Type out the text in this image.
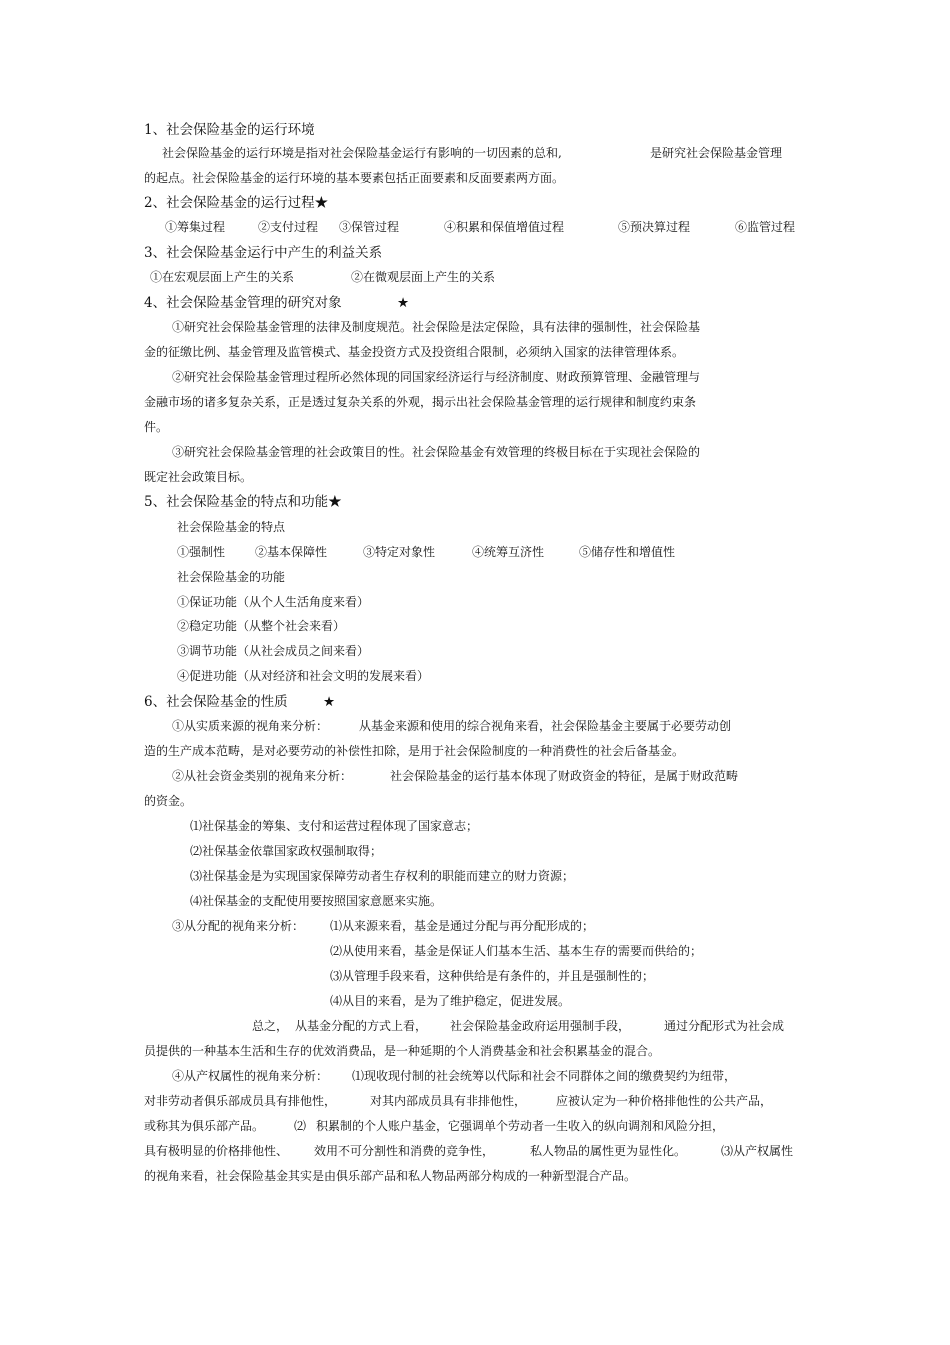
1、社会保险基金的运行环境
社会保险基金的运行环境是指对社会保险基金运行有影响的一切因素的总和,	是研究社会保险基金管理
的起点。社会保险基金的运行环境的基本要素包括正面要素和反面要素两方面。
2、社会保险基金的运行过程★
①筹集过程	②支付过程 ③保管过程	④积累和保值增值过程	⑤预决算过程	⑥监管过程
3、社会保险基金运行中产生的利益关系
①在宏观层面上产生的关系	②在微观层面上产生的关系
4、社会保险基金管理的研究对象	★
①研究社会保险基金管理的法律及制度规范。社会保险是法定保险，具有法律的强制性，社会保险基
金的征缴比例、基金管理及监管模式、基金投资方式及投资组合限制，必须纳入国家的法律管理体系。
②研究社会保险基金管理过程所必然体现的同国家经济运行与经济制度、财政预算管理、金融管理与
金融市场的诸多复杂关系，正是透过复杂关系的外观，揭示出社会保险基金管理的运行规律和制度约束条
件。
③研究社会保险基金管理的社会政策目的性。社会保险基金有效管理的终极目标在于实现社会保险的
既定社会政策目标。
5、社会保险基金的特点和功能★
社会保险基金的特点
①强制性 ②基本保障性	③特定对象性	④统筹互济性	⑤储存性和增值性
社会保险基金的功能
①保证功能（从个人生活角度来看）
②稳定功能（从整个社会来看）
③调节功能（从社会成员之间来看）
④促进功能（从对经济和社会文明的发展来看）
6、社会保险基金的性质	★
①从实质来源的视角来分析：	从基金来源和使用的综合视角来看，社会保险基金主要属于必要劳动创
造的生产成本范畴，是对必要劳动的补偿性扣除，是用于社会保险制度的一种消费性的社会后备基金。
②从社会资金类别的视角来分析：	社会保险基金的运行基本体现了财政资金的特征，是属于财政范畴
的资金。
⑴社保基金的筹集、支付和运营过程体现了国家意志；
⑵社保基金依靠国家政权强制取得；
⑶社保基金是为实现国家保障劳动者生存权利的职能而建立的财力资源；
⑷社保基金的支配使用要按照国家意愿来实施。
③从分配的视角来分析： ⑴从来源来看，基金是通过分配与再分配形成的；
⑵从使用来看，基金是保证人们基本生活、基本生存的需要而供给的；
⑶从管理手段来看，这种供给是有条件的，并且是强制性的；
⑷从目的来看，是为了维护稳定，促进发展。
总之， 从基金分配的方式上看， 社会保险基金政府运用强制手段，	通过分配形式为社会成
员提供的一种基本生活和生存的优效消费品，是一种延期的个人消费基金和社会积累基金的混合。
④从产权属性的视角来分析： ⑴现收现付制的社会统筹以代际和社会不同群体之间的缴费契约为纽带，
对非劳动者俱乐部成员具有排他性，	对其内部成员具有非排他性， 应被认定为一种价格排他性的公共产品，
或称其为俱乐部产品。 ⑵ 积累制的个人账户基金，它强调单个劳动者一生收入的纵向调剂和风险分担，
具有极明显的价格排他性、 效用不可分割性和消费的竞争性，	私人物品的属性更为显性化。	⑶从产权属性
的视角来看，社会保险基金其实是由俱乐部产品和私人物品两部分构成的一种新型混合产品。
